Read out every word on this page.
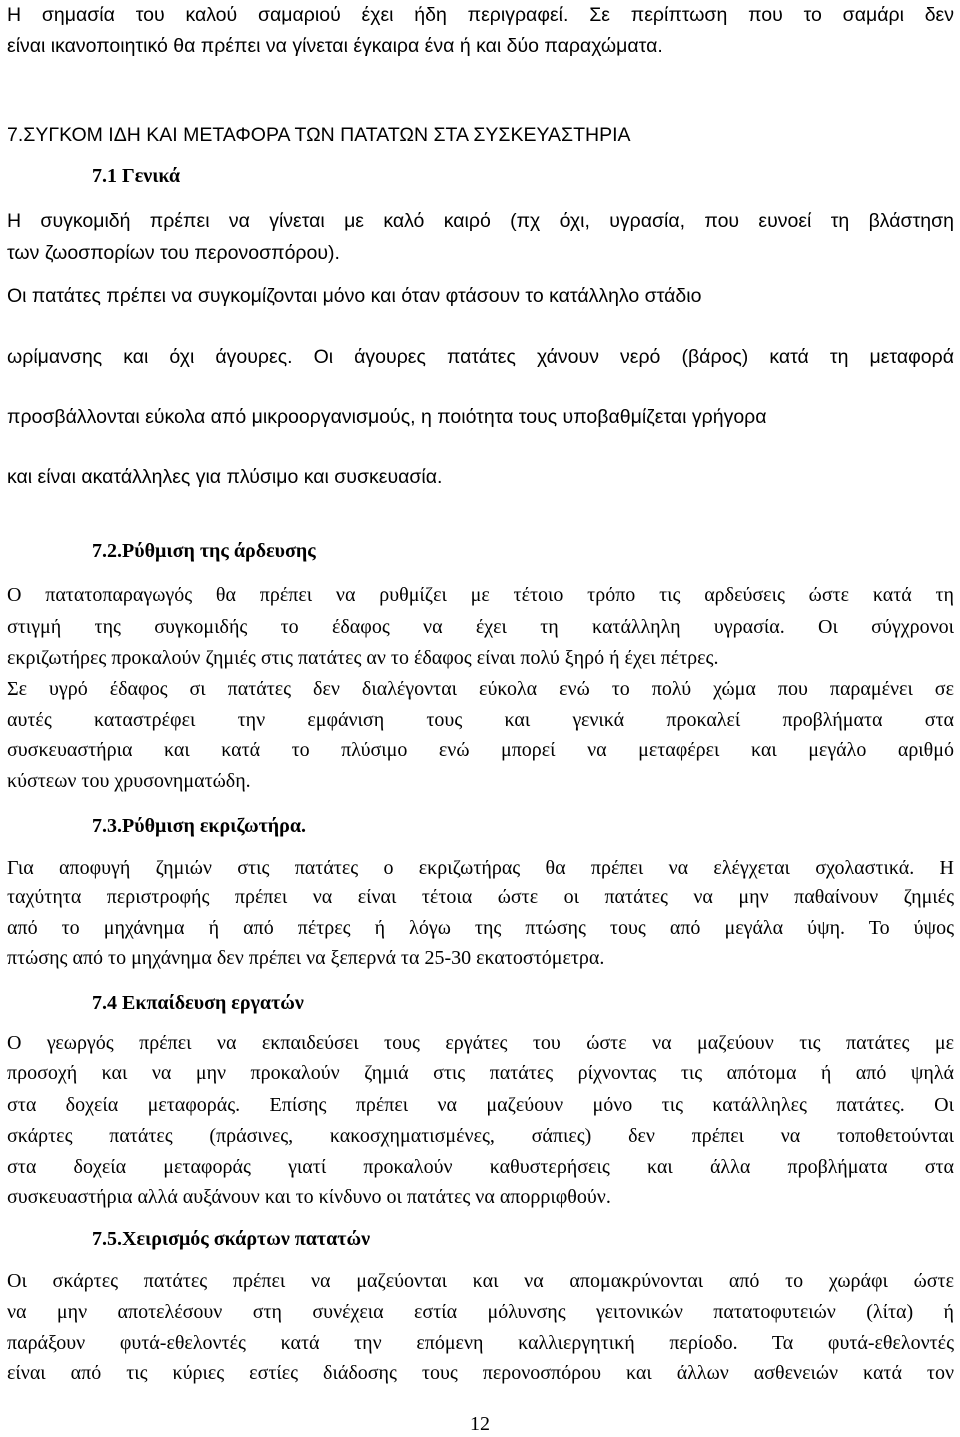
Η σημασία του καλού σαμαριού έχει ήδη περιγραφεί. Σε περίπτωση που το σαμάρι δεν
είναι ικανοποιητικό θα πρέπει να γίνεται έγκαιρα ένα ή και δύο παραχώματα.
7.ΣΥΓΚΟΜ ΙΔΗ ΚΑΙ ΜΕΤΑΦΟΡΑ ΤΩΝ ΠΑΤΑΤΩΝ ΣΤΑ ΣΥΣΚΕΥΑΣΤΗΡΙΑ
7.1 Γενικά
Η συγκομιδή πρέπει να γίνεται με καλό καιρό (πχ όχι, υγρασία, που ευνοεί τη βλάστηση
των ζωοσπορίων του περονοσπόρου).
Οι πατάτες πρέπει να συγκομίζονται μόνο και όταν φτάσουν το κατάλληλο στάδιο
ωρίμανσης και όχι άγουρες. Οι άγουρες πατάτες χάνουν νερό (βάρος) κατά τη μεταφορά
προσβάλλονται εύκολα από μικροοργανισμούς, η ποιότητα τους υποβαθμίζεται γρήγορα
και είναι ακατάλληλες για πλύσιμο και συσκευασία.
7.2.Ρύθμιση της άρδευσης
Ο πατατοπαραγωγός θα πρέπει να ρυθμίζει με τέτοιο τρόπο τις αρδεύσεις ώστε κατά τη
στιγμή της συγκομιδής το έδαφος να έχει τη κατάλληλη υγρασία. Οι σύγχρονοι
εκριζωτήρες προκαλούν ζημιές στις πατάτες αν το έδαφος είναι πολύ ξηρό ή έχει πέτρες.
Σε υγρό έδαφος σι πατάτες δεν διαλέγονται εύκολα ενώ το πολύ χώμα που παραμένει σε
αυτές καταστρέφει την εμφάνιση τους και γενικά προκαλεί προβλήματα στα
συσκευαστήρια και κατά το πλύσιμο ενώ μπορεί να μεταφέρει και μεγάλο αριθμό
κύστεων του χρυσονηματώδη.
7.3.Ρύθμιση εκριζωτήρα.
Για αποφυγή ζημιών στις πατάτες ο εκριζωτήρας θα πρέπει να ελέγχεται σχολαστικά. Η
ταχύτητα περιστροφής πρέπει να είναι τέτοια ώστε οι πατάτες να μην παθαίνουν ζημιές
από το μηχάνημα ή από πέτρες ή λόγω της πτώσης τους από μεγάλα ύψη. Το ύψος
πτώσης από το μηχάνημα δεν πρέπει να ξεπερνά τα 25-30 εκατοστόμετρα.
7.4 Εκπαίδευση εργατών
Ο γεωργός πρέπει να εκπαιδεύσει τους εργάτες του ώστε να μαζεύουν τις πατάτες με
προσοχή και να μην προκαλούν ζημιά στις πατάτες ρίχνοντας τις απότομα ή από ψηλά
στα δοχεία μεταφοράς. Επίσης πρέπει να μαζεύουν μόνο τις κατάλληλες πατάτες. Οι
σκάρτες πατάτες (πράσινες, κακοσχηματισμένες, σάπιες) δεν πρέπει να τοποθετούνται
στα δοχεία μεταφοράς γιατί προκαλούν καθυστερήσεις και άλλα προβλήματα στα
συσκευαστήρια αλλά αυξάνουν και το κίνδυνο οι πατάτες να απορριφθούν.
7.5.Χειρισμός σκάρτων πατατών
Οι σκάρτες πατάτες πρέπει να μαζεύονται και να απομακρύνονται από το χωράφι ώστε
να μην αποτελέσουν στη συνέχεια εστία μόλυνσης γειτονικών πατατοφυτειών (λίτα) ή
παράξουν φυτά-εθελοντές κατά την επόμενη καλλιεργητική περίοδο. Τα φυτά-εθελοντές
είναι από τις κύριες εστίες διάδοσης τους περονοσπόρου και άλλων ασθενειών κατά τον
12
